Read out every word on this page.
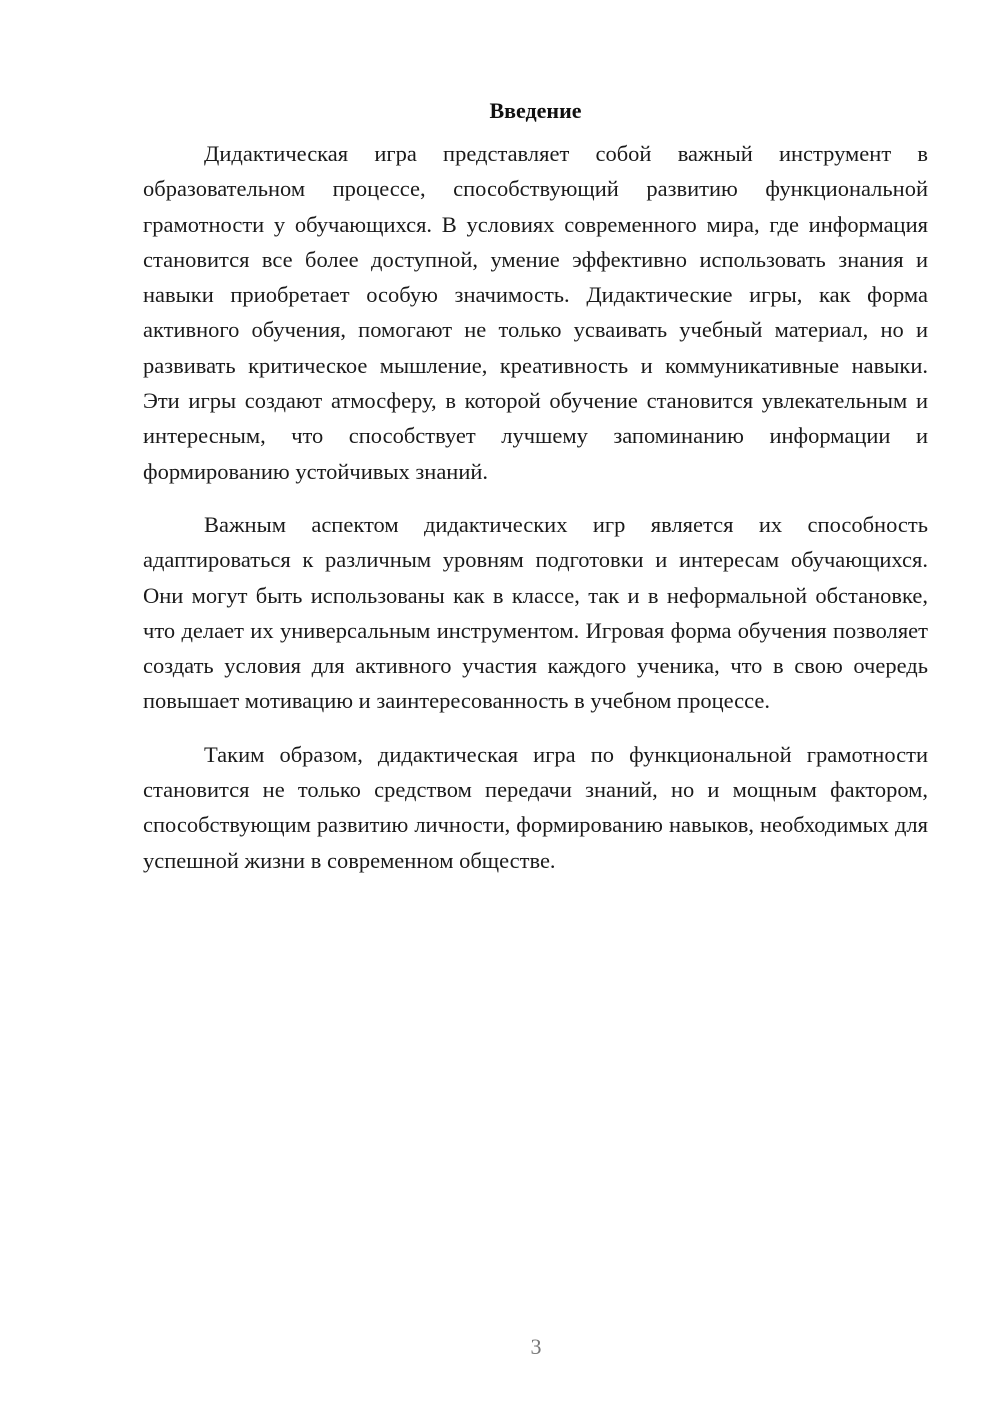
Введение

Дидактическая игра представляет собой важный инструмент в образовательном процессе, способствующий развитию функциональной грамотности у обучающихся. В условиях современного мира, где информация становится все более доступной, умение эффективно использовать знания и навыки приобретает особую значимость. Дидактические игры, как форма активного обучения, помогают не только усваивать учебный материал, но и развивать критическое мышление, креативность и коммуникативные навыки. Эти игры создают атмосферу, в которой обучение становится увлекательным и интересным, что способствует лучшему запоминанию информации и формированию устойчивых знаний.

Важным аспектом дидактических игр является их способность адаптироваться к различным уровням подготовки и интересам обучающихся. Они могут быть использованы как в классе, так и в неформальной обстановке, что делает их универсальным инструментом. Игровая форма обучения позволяет создать условия для активного участия каждого ученика, что в свою очередь повышает мотивацию и заинтересованность в учебном процессе.

Таким образом, дидактическая игра по функциональной грамотности становится не только средством передачи знаний, но и мощным фактором, способствующим развитию личности, формированию навыков, необходимых для успешной жизни в современном обществе.

3
